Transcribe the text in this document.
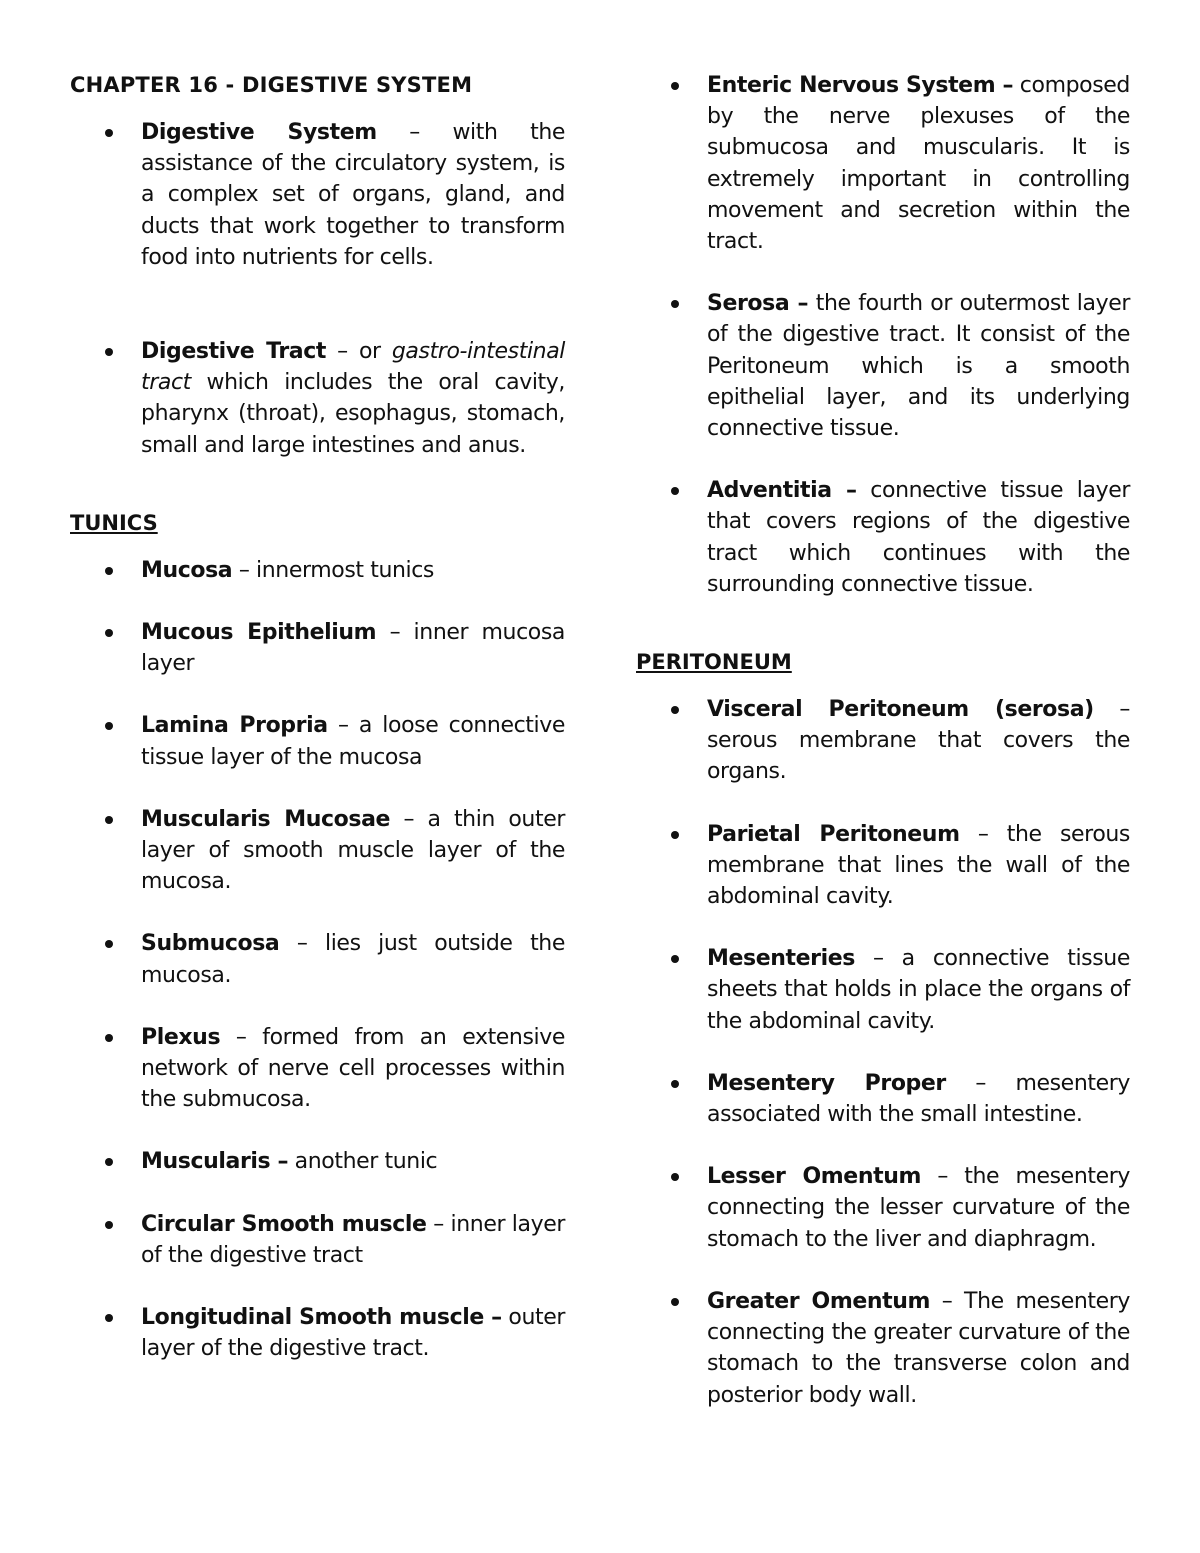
CHAPTER 16 - DIGESTIVE SYSTEM
Digestive System – with the assistance of the circulatory system, is a complex set of organs, gland, and ducts that work together to transform food into nutrients for cells.
Digestive Tract – or gastro-intestinal tract which includes the oral cavity, pharynx (throat), esophagus, stomach, small and large intestines and anus.
TUNICS
Mucosa – innermost tunics
Mucous Epithelium – inner mucosa layer
Lamina Propria – a loose connective tissue layer of the mucosa
Muscularis Mucosae – a thin outer layer of smooth muscle layer of the mucosa.
Submucosa – lies just outside the mucosa.
Plexus – formed from an extensive network of nerve cell processes within the submucosa.
Muscularis – another tunic
Circular Smooth muscle – inner layer of the digestive tract
Longitudinal Smooth muscle – outer layer of the digestive tract.
Enteric Nervous System – composed by the nerve plexuses of the submucosa and muscularis. It is extremely important in controlling movement and secretion within the tract.
Serosa – the fourth or outermost layer of the digestive tract. It consist of the Peritoneum which is a smooth epithelial layer, and its underlying connective tissue.
Adventitia – connective tissue layer that covers regions of the digestive tract which continues with the surrounding connective tissue.
PERITONEUM
Visceral Peritoneum (serosa) – serous membrane that covers the organs.
Parietal Peritoneum – the serous membrane that lines the wall of the abdominal cavity.
Mesenteries – a connective tissue sheets that holds in place the organs of the abdominal cavity.
Mesentery Proper – mesentery associated with the small intestine.
Lesser Omentum – the mesentery connecting the lesser curvature of the stomach to the liver and diaphragm.
Greater Omentum – The mesentery connecting the greater curvature of the stomach to the transverse colon and posterior body wall.
